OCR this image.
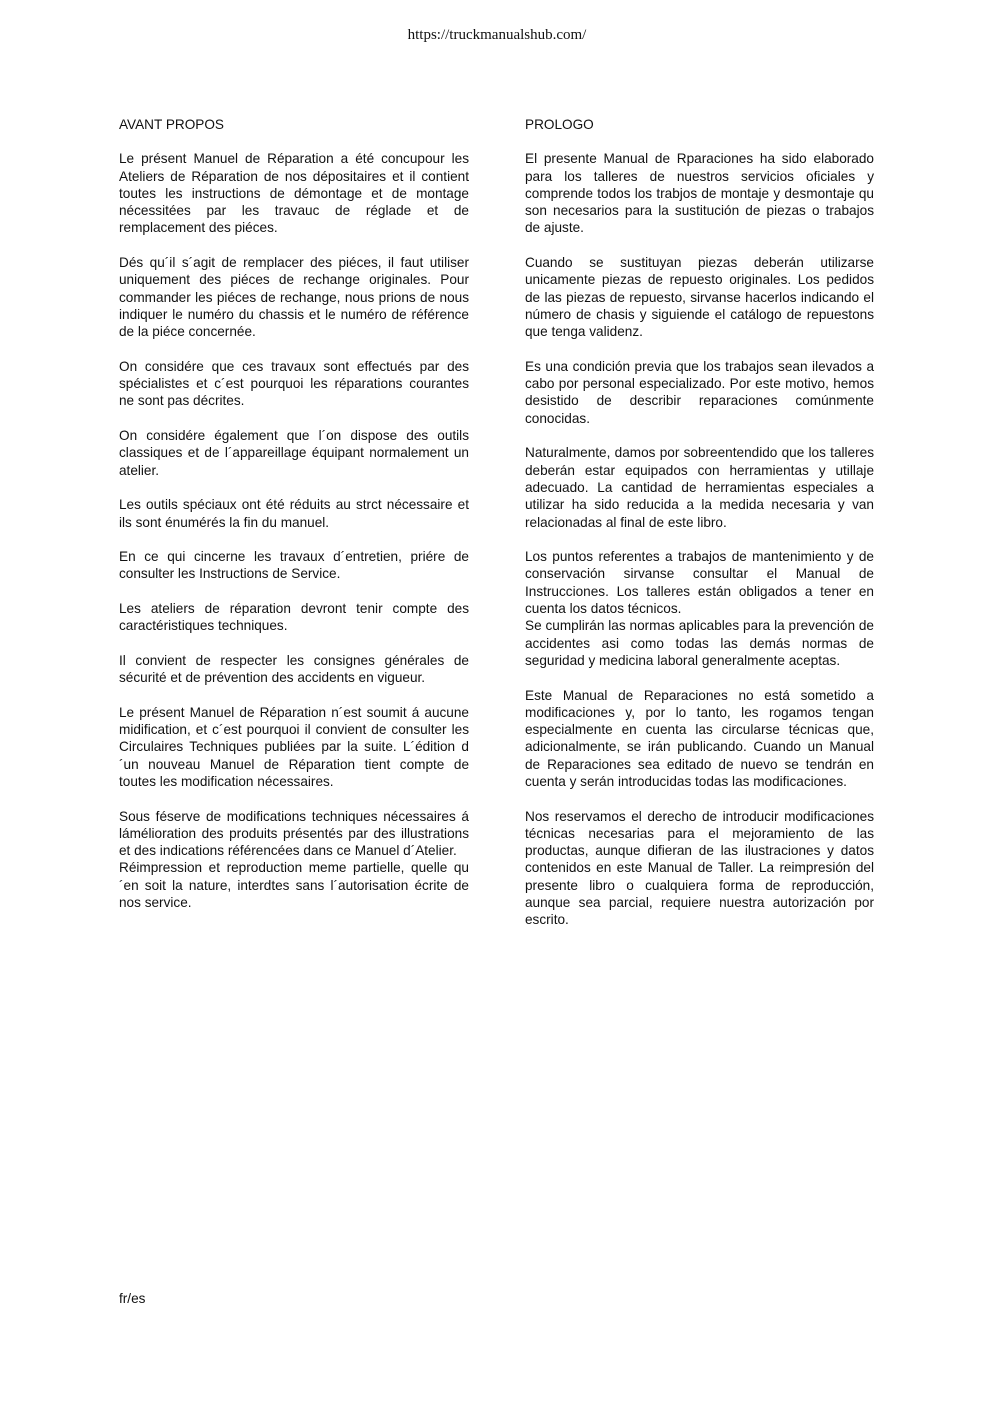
https://truckmanualshub.com/
AVANT PROPOS

Le présent Manuel de Réparation a été concupour les Ateliers de Réparation de nos dépositaires et il contient toutes les instructions de démontage et de montage nécessitées par les travauc de réglade et de remplacement des piéces.

Dés qu´il s´agit de remplacer des piéces, il faut utiliser uniquement des piéces de rechange originales. Pour commander les piéces de rechange, nous prions de nous indiquer le numéro du chassis et le numéro de référence de la piéce concernée.

On considére que ces travaux sont effectués par des spécialistes et c´est pourquoi les réparations courantes ne sont pas décrites.

On considére également que l´on dispose des outils classiques et de l´appareillage équipant normalement un atelier.

Les outils spéciaux ont été réduits au strct nécessaire et ils sont énumérés la fin du manuel.

En ce qui cincerne les travaux d´entretien, priére de consulter les Instructions de Service.

Les ateliers de réparation devront tenir compte des caractéristiques techniques.

Il convient de respecter les consignes générales de sécurité et de prévention des accidents en vigueur.

Le présent Manuel de Réparation n´est soumit á aucune midification, et c´est pourquoi il convient de consulter les Circulaires Techniques publiées par la suite. L´édition d´un nouveau Manuel de Réparation tient compte de toutes les modification nécessaires.

Sous féserve de modifications techniques nécessaires á lámélioration des produits présentés par des illustrations et des indications référencées dans ce Manuel d´Atelier.

Réimpression et reproduction meme partielle, quelle qu´en soit la nature, interdtes sans l´autorisation écrite de nos service.

PROLOGO

El presente Manual de Rparaciones ha sido elaborado para los talleres de nuestros servicios oficiales y comprende todos los trabjos de montaje y desmontaje qu son necesarios para la sustitución de piezas o trabajos de ajuste.

Cuando se sustituyan piezas deberán utilizarse unicamente piezas de repuesto originales. Los pedidos de las piezas de repuesto, sirvanse hacerlos indicando el número de chasis y siguiende el catálogo de repuestons que tenga validenz.

Es una condición previa que los trabajos sean ilevados a cabo por personal especializado. Por este motivo, hemos desistido de describir reparaciones comúnmente conocidas.

Naturalmente, damos por sobreentendido que los talleres deberán estar equipados con herramientas y utillaje adecuado. La cantidad de herramientas especiales a utilizar ha sido reducida a la medida necesaria y van relacionadas al final de este libro.

Los puntos referentes a trabajos de mantenimiento y de conservación sirvanse consultar el Manual de Instrucciones. Los talleres están obligados a tener en cuenta los datos técnicos.

Se cumplirán las normas aplicables para la prevención de accidentes asi como todas las demás normas de seguridad y medicina laboral generalmente aceptas.

Este Manual de Reparaciones no está sometido a modificaciones y, por lo tanto, les rogamos tengan especialmente en cuenta las circularse técnicas que, adicionalmente, se irán publicando. Cuando un Manual de Reparaciones sea editado de nuevo se tendrán en cuenta y serán introducidas todas las modificaciones.

Nos reservamos el derecho de introducir modificaciones técnicas necesarias para el mejoramiento de las productas, aunque difieran de las ilustraciones y datos contenidos en este Manual de Taller. La reimpresión del presente libro o cualquiera forma de reproducción, aunque sea parcial, requiere nuestra autorización por escrito.

fr/es
